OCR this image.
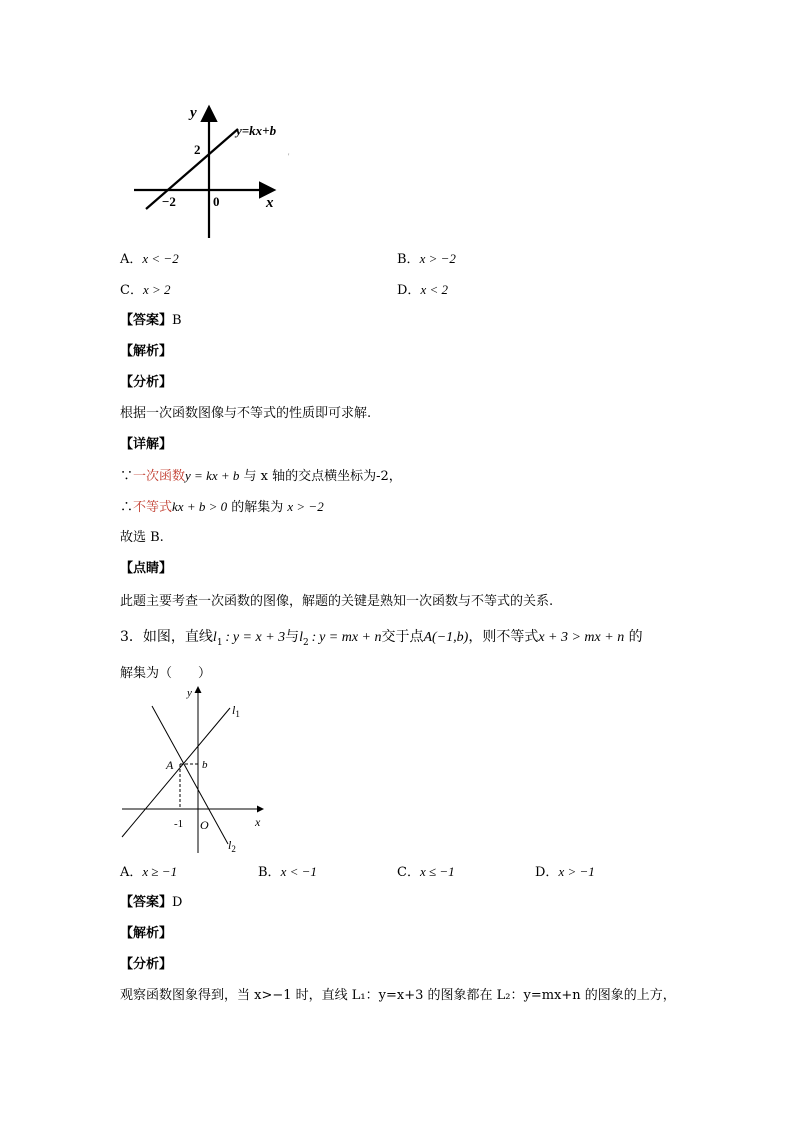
y
x
y=kx+b
2
−2	0
'
A．x < −2	B．x > −2
C．x > 2	D．x < 2
【答案】B
【解析】
【分析】
根据一次函数图像与不等式的性质即可求解.
【详解】
∵一次函数y = kx + b 与 x 轴的交点横坐标为-2，
∴不等式kx + b > 0 的解集为 x > −2
故选 B.
【点睛】
此题主要考查一次函数的图像，解题的关键是熟知一次函数与不等式的关系.
3．如图，直线$l_1$ : y = x + 3与$l_2$ : y = mx + n交于点A(−1,b)，则不等式x + 3 > mx + n 的
解集为（　　）
y
x
$l_1$
$l_2$
A	b
-1 O
A．x ≥ −1	B．x < −1	C．x ≤ −1	D．x > −1
【答案】D
【解析】
【分析】
观察函数图象得到，当 x>−1 时，直线 L₁：y=x+3 的图象都在 L₂：y=mx+n 的图象的上方，
